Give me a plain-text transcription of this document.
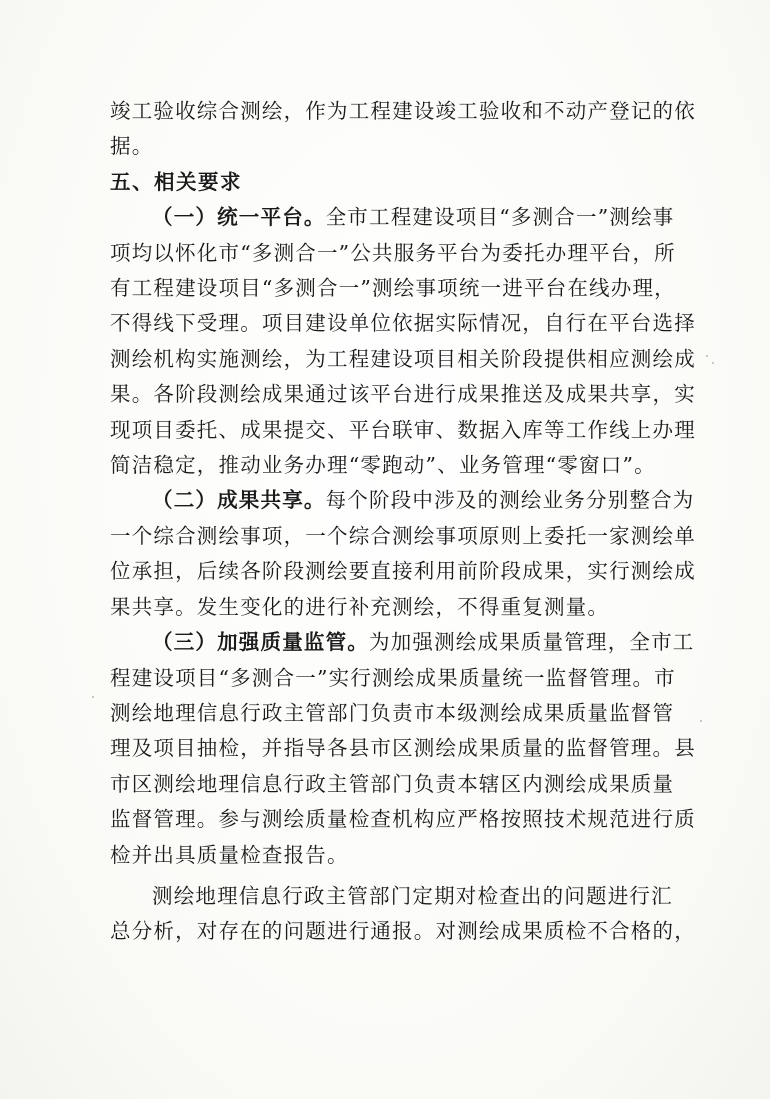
竣工验收综合测绘，作为工程建设竣工验收和不动产登记的依
据。
五、相关要求
（一）统一平台。全市工程建设项目“多测合一”测绘事
项均以怀化市“多测合一”公共服务平台为委托办理平台，所
有工程建设项目“多测合一”测绘事项统一进平台在线办理，
不得线下受理。项目建设单位依据实际情况，自行在平台选择
测绘机构实施测绘，为工程建设项目相关阶段提供相应测绘成
果。各阶段测绘成果通过该平台进行成果推送及成果共享，实
现项目委托、成果提交、平台联审、数据入库等工作线上办理
简洁稳定，推动业务办理“零跑动”、业务管理“零窗口”。
（二）成果共享。每个阶段中涉及的测绘业务分别整合为
一个综合测绘事项，一个综合测绘事项原则上委托一家测绘单
位承担，后续各阶段测绘要直接利用前阶段成果，实行测绘成
果共享。发生变化的进行补充测绘，不得重复测量。
（三）加强质量监管。为加强测绘成果质量管理，全市工
程建设项目“多测合一”实行测绘成果质量统一监督管理。市
测绘地理信息行政主管部门负责市本级测绘成果质量监督管
理及项目抽检，并指导各县市区测绘成果质量的监督管理。县
市区测绘地理信息行政主管部门负责本辖区内测绘成果质量
监督管理。参与测绘质量检查机构应严格按照技术规范进行质
检并出具质量检查报告。
测绘地理信息行政主管部门定期对检查出的问题进行汇
总分析，对存在的问题进行通报。对测绘成果质检不合格的，
